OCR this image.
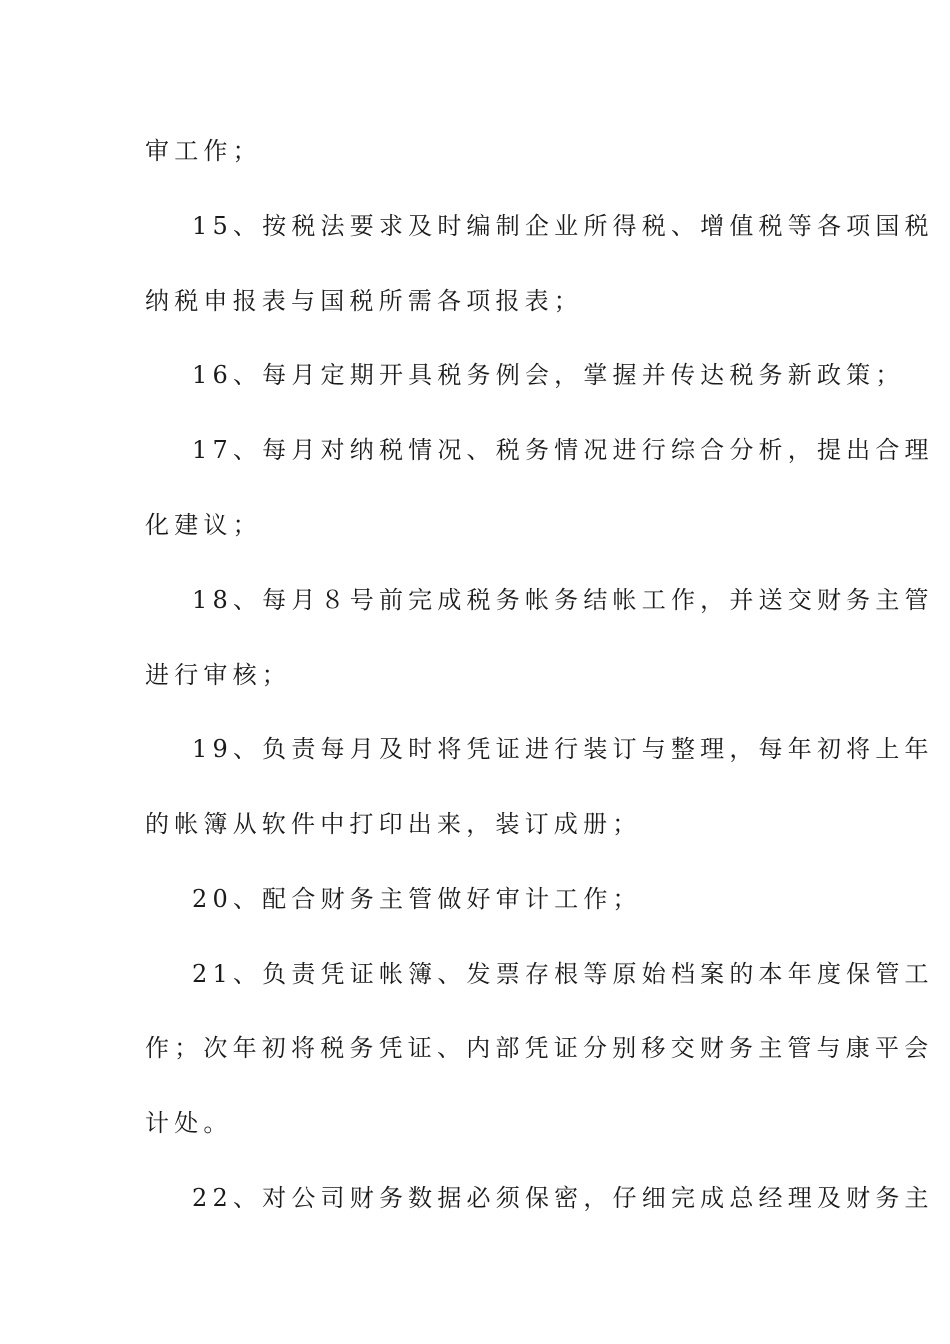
审工作；
15、按税法要求及时编制企业所得税、增值税等各项国税
纳税申报表与国税所需各项报表；
16、每月定期开具税务例会，掌握并传达税务新政策；
17、每月对纳税情况、税务情况进行综合分析，提出合理
化建议；
18、每月８号前完成税务帐务结帐工作，并送交财务主管
进行审核；
19、负责每月及时将凭证进行装订与整理，每年初将上年
的帐簿从软件中打印出来，装订成册；
20、配合财务主管做好审计工作；
21、负责凭证帐簿、发票存根等原始档案的本年度保管工
作；次年初将税务凭证、内部凭证分别移交财务主管与康平会
计处。
22、对公司财务数据必须保密，仔细完成总经理及财务主
